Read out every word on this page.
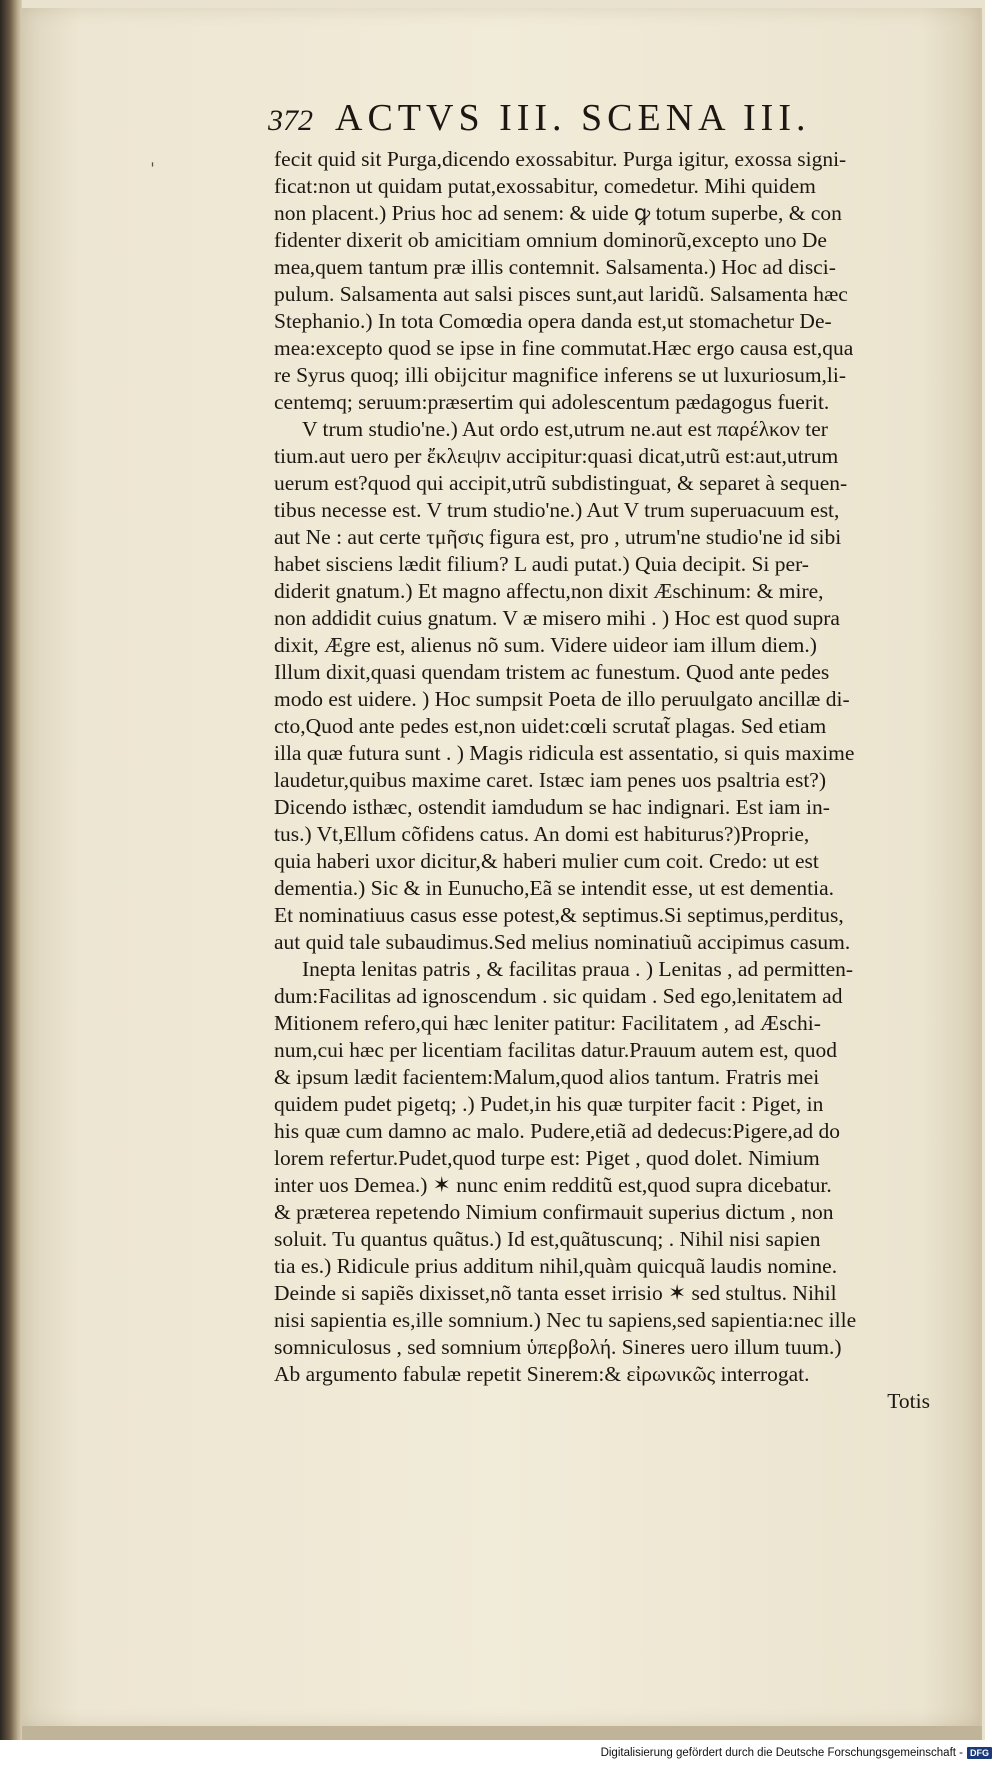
372 ACTVS III. SCENA III.
ˈ	fecit quid sit Purga,dicendo exossabitur. Purga igitur, exossa signi-
ficat:non ut quidam putat,exossabitur, comedetur. Mihi quidem
non placent.) Prius hoc ad senem: & uide ꝙ totum superbe, & con
fidenter dixerit ob amicitiam omnium dominorũ,excepto uno De
mea,quem tantum præ illis contemnit. Salsamenta.) Hoc ad disci-
pulum. Salsamenta aut salsi pisces sunt,aut laridũ. Salsamenta hæc
Stephanio.) In tota Comœdia opera danda est,ut stomachetur De-
mea:excepto quod se ipse in fine commutat.Hæc ergo causa est,qua
re Syrus quoq; illi obijcitur magnifice inferens se ut luxuriosum,li-
centemq; seruum:præsertim qui adolescentum pædagogus fuerit.
V trum studio'ne.) Aut ordo est,utrum ne.aut est παρέλκον ter
tium.aut uero per ἔκλειψιν accipitur:quasi dicat,utrũ est:aut,utrum
uerum est?quod qui accipit,utrũ subdistinguat, & separet à sequen-
tibus necesse est. V trum studio'ne.) Aut V trum superuacuum est,
aut Ne : aut certe τμῆσις figura est, pro , utrum'ne studio'ne id sibi
habet sisciens lædit filium? L audi putat.) Quia decipit. Si per-
diderit gnatum.) Et magno affectu,non dixit Æschinum: & mire,
non addidit cuius gnatum. V æ misero mihi . ) Hoc est quod supra
dixit, Ægre est, alienus nõ sum. Videre uideor iam illum diem.)
Illum dixit,quasi quendam tristem ac funestum. Quod ante pedes
modo est uidere. ) Hoc sumpsit Poeta de illo peruulgato ancillæ di-
cto,Quod ante pedes est,non uidet:cœli scrutat̃ plagas. Sed etiam
illa quæ futura sunt . ) Magis ridicula est assentatio, si quis maxime
laudetur,quibus maxime caret. Istæc iam penes uos psaltria est?)
Dicendo isthæc, ostendit iamdudum se hac indignari. Est iam in-
tus.) Vt,Ellum cõfidens catus. An domi est habiturus?)Proprie,
quia haberi uxor dicitur,& haberi mulier cum coit. Credo: ut est
dementia.) Sic & in Eunucho,Eã se intendit esse, ut est dementia.
Et nominatiuus casus esse potest,& septimus.Si septimus,perditus,
aut quid tale subaudimus.Sed melius nominatiuũ accipimus casum.
Inepta lenitas patris , & facilitas praua . ) Lenitas , ad permitten-
dum:Facilitas ad ignoscendum . sic quidam . Sed ego,lenitatem ad
Mitionem refero,qui hæc leniter patitur: Facilitatem , ad Æschi-
num,cui hæc per licentiam facilitas datur.Prauum autem est, quod
& ipsum lædit facientem:Malum,quod alios tantum. Fratris mei
quidem pudet pigetq; .) Pudet,in his quæ turpiter facit : Piget, in
his quæ cum damno ac malo. Pudere,etiã ad dedecus:Pigere,ad do
lorem refertur.Pudet,quod turpe est: Piget , quod dolet. Nimium
inter uos Demea.) ✶ nunc enim redditũ est,quod supra dicebatur.
& præterea repetendo Nimium confirmauit superius dictum , non
soluit. Tu quantus quãtus.) Id est,quãtuscunq; . Nihil nisi sapien
tia es.) Ridicule prius additum nihil,quàm quicquã laudis nomine.
Deinde si sapiẽs dixisset,nõ tanta esset irrisio ✶ sed stultus. Nihil
nisi sapientia es,ille somnium.) Nec tu sapiens,sed sapientia:nec ille
somniculosus , sed somnium ὑπερβολή. Sineres uero illum tuum.)
Ab argumento fabulæ repetit Sinerem:& εἰρωνικῶς interrogat.
Totis
Digitalisierung gefördert durch die Deutsche Forschungsgemeinschaft - DFG
